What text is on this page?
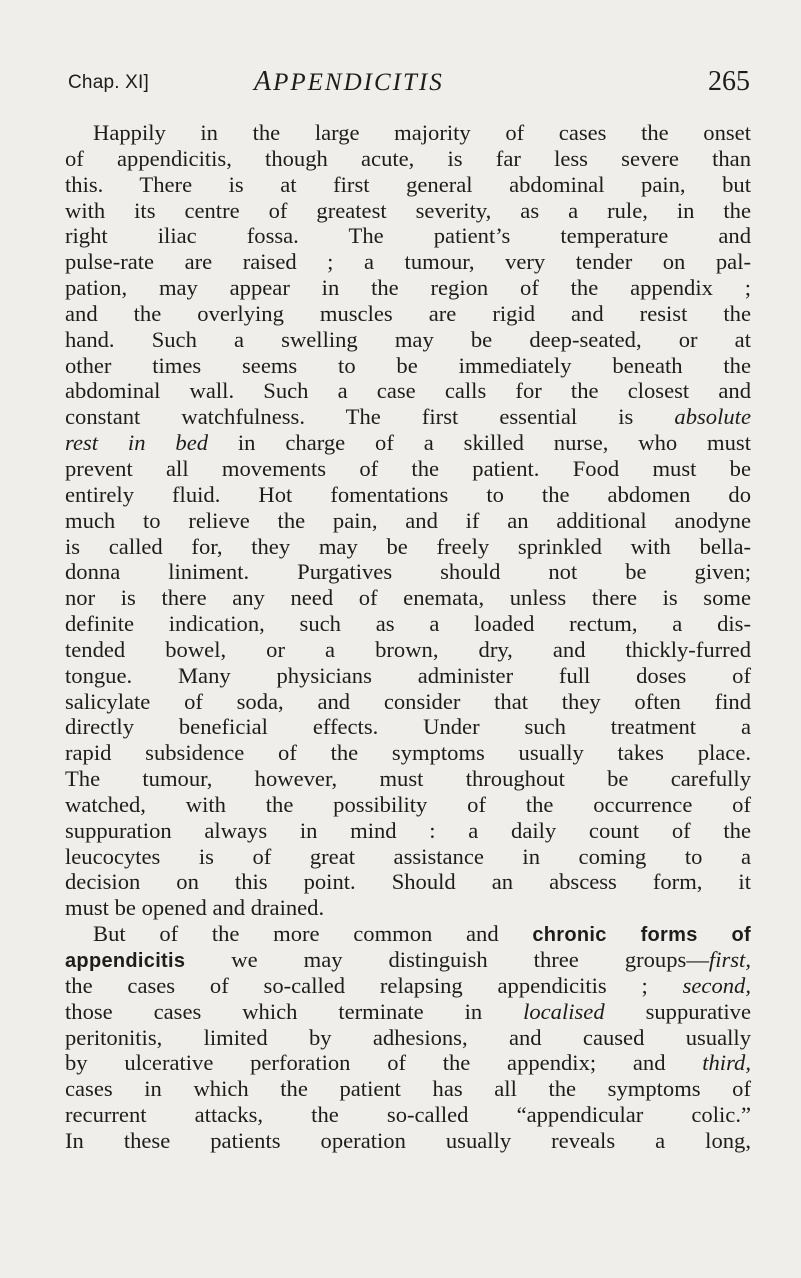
Chap. XI]	APPENDICITIS	265
Happily in the large majority of cases the onset
of appendicitis, though acute, is far less severe than
this. There is at first general abdominal pain, but
with its centre of greatest severity, as a rule, in the
right iliac fossa. The patient’s temperature and
pulse-rate are raised ; a tumour, very tender on pal-
pation, may appear in the region of the appendix ;
and the overlying muscles are rigid and resist the
hand. Such a swelling may be deep-seated, or at
other times seems to be immediately beneath the
abdominal wall. Such a case calls for the closest and
constant watchfulness. The first essential is absolute
rest in bed in charge of a skilled nurse, who must
prevent all movements of the patient. Food must be
entirely fluid. Hot fomentations to the abdomen do
much to relieve the pain, and if an additional anodyne
is called for, they may be freely sprinkled with bella-
donna liniment. Purgatives should not be given;
nor is there any need of enemata, unless there is some
definite indication, such as a loaded rectum, a dis-
tended bowel, or a brown, dry, and thickly-furred
tongue. Many physicians administer full doses of
salicylate of soda, and consider that they often find
directly beneficial effects. Under such treatment a
rapid subsidence of the symptoms usually takes place.
The tumour, however, must throughout be carefully
watched, with the possibility of the occurrence of
suppuration always in mind : a daily count of the
leucocytes is of great assistance in coming to a
decision on this point. Should an abscess form, it
must be opened and drained.
But of the more common and chronic forms of
appendicitis we may distinguish three groups—first,
the cases of so-called relapsing appendicitis ; second,
those cases which terminate in localised suppurative
peritonitis, limited by adhesions, and caused usually
by ulcerative perforation of the appendix; and third,
cases in which the patient has all the symptoms of
recurrent attacks, the so-called “appendicular colic.”
In these patients operation usually reveals a long,
